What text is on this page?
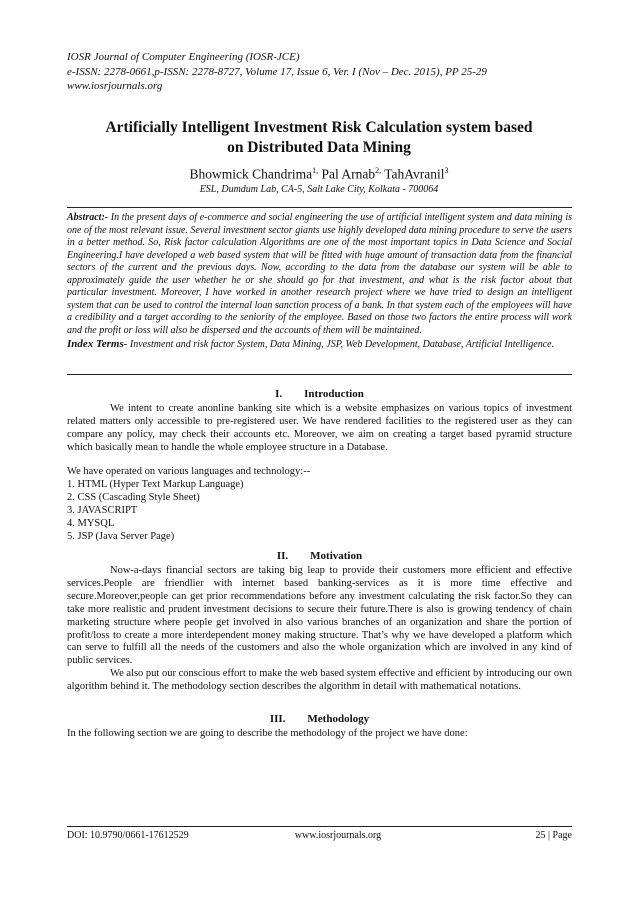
IOSR Journal of Computer Engineering (IOSR-JCE)
e-ISSN: 2278-0661,p-ISSN: 2278-8727, Volume 17, Issue 6, Ver. I (Nov – Dec. 2015), PP 25-29
www.iosrjournals.org
Artificially Intelligent Investment Risk Calculation system based
on Distributed Data Mining
Bhowmick Chandrima$^{1,}$ Pal Arnab$^{2,}$ TahAvranil$^3$
ESL, Dumdum Lab, CA-5, Salt Lake City, Kolkata - 700064
Abstract:- In the present days of e-commerce and social engineering the use of artificial intelligent system and data mining is one of the most relevant issue. Several investment sector giants use highly developed data mining procedure to serve the users in a better method. So, Risk factor calculation Algorithms are one of the most important topics in Data Science and Social Engineering.I have developed a web based system that will be fitted with huge amount of transaction data from the financial sectors of the current and the previous days. Now, according to the data from the database our system will be able to approximately guide the user whether he or she should go for that investment, and what is the risk factor about that particular investment. Moreover, I have worked in another research project where we have tried to design an intelligent system that can be used to control the internal loan sanction process of a bank. In that system each of the employees will have a credibility and a target according to the seniority of the employee. Based on those two factors the entire process will work and the profit or loss will also be dispersed and the accounts of them will be maintained.
Index Terms- Investment and risk factor System, Data Mining, JSP, Web Development, Database, Artificial Intelligence.
I. Introduction
We intent to create anonline banking site which is a website emphasizes on various topics of investment related matters only accessible to pre-registered user. We have rendered facilities to the registered user as they can compare any policy, may check their accounts etc. Moreover, we aim on creating a target based pyramid structure which basically mean to handle the whole employee structure in a Database.
We have operated on various languages and technology:--
1. HTML (Hyper Text Markup Language)
2. CSS (Cascading Style Sheet)
3. JAVASCRIPT
4. MYSQL
5. JSP (Java Server Page)
II. Motivation
Now-a-days financial sectors are taking big leap to provide their customers more efficient and effective services.People are friendlier with internet based banking-services as it is more time effective and secure.Moreover,people can get prior recommendations before any investment calculating the risk factor.So they can take more realistic and prudent investment decisions to secure their future.There is also is growing tendency of chain marketing structure where people get involved in also various branches of an organization and share the portion of profit/loss to create a more interdependent money making structure. That’s why we have developed a platform which can serve to fulfill all the needs of the customers and also the whole organization which are involved in any kind of public services.
We also put our conscious effort to make the web based system effective and efficient by introducing our own algorithm behind it. The methodology section describes the algorithm in detail with mathematical notations.
III. Methodology
In the following section we are going to describe the methodology of the project we have done:
DOI: 10.9790/0661-17612529	www.iosrjournals.org	25 | Page
